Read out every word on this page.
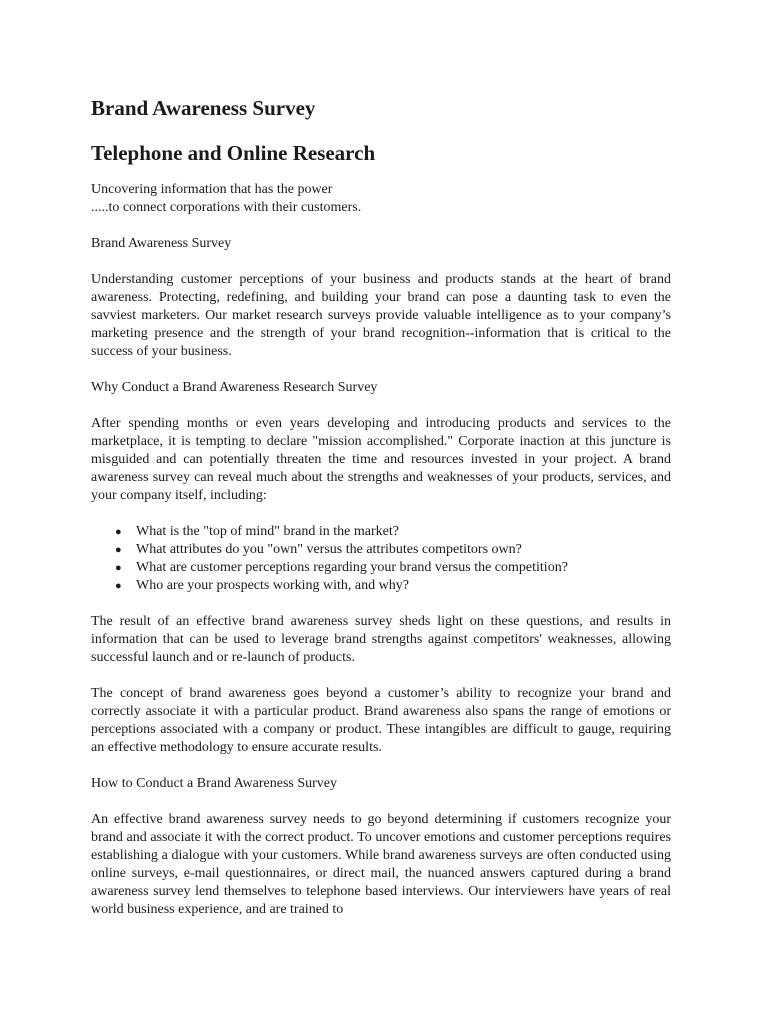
Brand Awareness Survey
Telephone and Online Research
Uncovering information that has the power
.....to connect corporations with their customers.

Brand Awareness Survey

Understanding customer perceptions of your business and products stands at the heart of brand awareness. Protecting, redefining, and building your brand can pose a daunting task to even the savviest marketers. Our market research surveys provide valuable intelligence as to your company’s marketing presence and the strength of your brand recognition--information that is critical to the success of your business.

Why Conduct a Brand Awareness Research Survey

After spending months or even years developing and introducing products and services to the marketplace, it is tempting to declare "mission accomplished." Corporate inaction at this juncture is misguided and can potentially threaten the time and resources invested in your project. A brand awareness survey can reveal much about the strengths and weaknesses of your products, services, and your company itself, including:

● What is the "top of mind" brand in the market?
● What attributes do you "own" versus the attributes competitors own?
● What are customer perceptions regarding your brand versus the competition?
● Who are your prospects working with, and why?

The result of an effective brand awareness survey sheds light on these questions, and results in information that can be used to leverage brand strengths against competitors' weaknesses, allowing successful launch and or re-launch of products.

The concept of brand awareness goes beyond a customer’s ability to recognize your brand and correctly associate it with a particular product. Brand awareness also spans the range of emotions or perceptions associated with a company or product. These intangibles are difficult to gauge, requiring an effective methodology to ensure accurate results.

How to Conduct a Brand Awareness Survey

An effective brand awareness survey needs to go beyond determining if customers recognize your brand and associate it with the correct product. To uncover emotions and customer perceptions requires establishing a dialogue with your customers. While brand awareness surveys are often conducted using online surveys, e-mail questionnaires, or direct mail, the nuanced answers captured during a brand awareness survey lend themselves to telephone based interviews. Our interviewers have years of real world business experience, and are trained to
